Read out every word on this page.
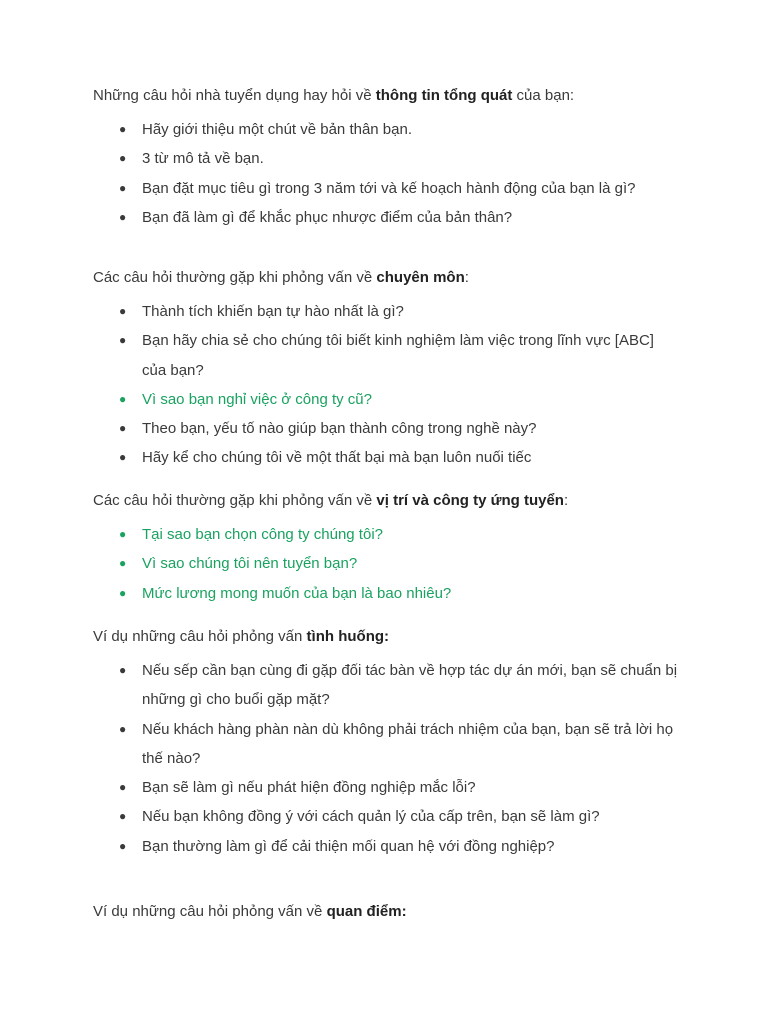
Những câu hỏi nhà tuyển dụng hay hỏi về thông tin tổng quát của bạn:

● Hãy giới thiệu một chút về bản thân bạn.
● 3 từ mô tả về bạn.
● Bạn đặt mục tiêu gì trong 3 năm tới và kế hoạch hành động của bạn là gì?
● Bạn đã làm gì để khắc phục nhược điểm của bản thân?

Các câu hỏi thường gặp khi phỏng vấn về chuyên môn:

● Thành tích khiến bạn tự hào nhất là gì?
● Bạn hãy chia sẻ cho chúng tôi biết kinh nghiệm làm việc trong lĩnh vực [ABC] của bạn?
● Vì sao bạn nghỉ việc ở công ty cũ?
● Theo bạn, yếu tố nào giúp bạn thành công trong nghề này?
● Hãy kể cho chúng tôi về một thất bại mà bạn luôn nuối tiếc

Các câu hỏi thường gặp khi phỏng vấn về vị trí và công ty ứng tuyển:

● Tại sao bạn chọn công ty chúng tôi?
● Vì sao chúng tôi nên tuyển bạn?
● Mức lương mong muốn của bạn là bao nhiêu?

Ví dụ những câu hỏi phỏng vấn tình huống:

● Nếu sếp cần bạn cùng đi gặp đối tác bàn về hợp tác dự án mới, bạn sẽ chuẩn bị những gì cho buổi gặp mặt?
● Nếu khách hàng phàn nàn dù không phải trách nhiệm của bạn, bạn sẽ trả lời họ thế nào?
● Bạn sẽ làm gì nếu phát hiện đồng nghiệp mắc lỗi?
● Nếu bạn không đồng ý với cách quản lý của cấp trên, bạn sẽ làm gì?
● Bạn thường làm gì để cải thiện mối quan hệ với đồng nghiệp?

Ví dụ những câu hỏi phỏng vấn về quan điểm:
